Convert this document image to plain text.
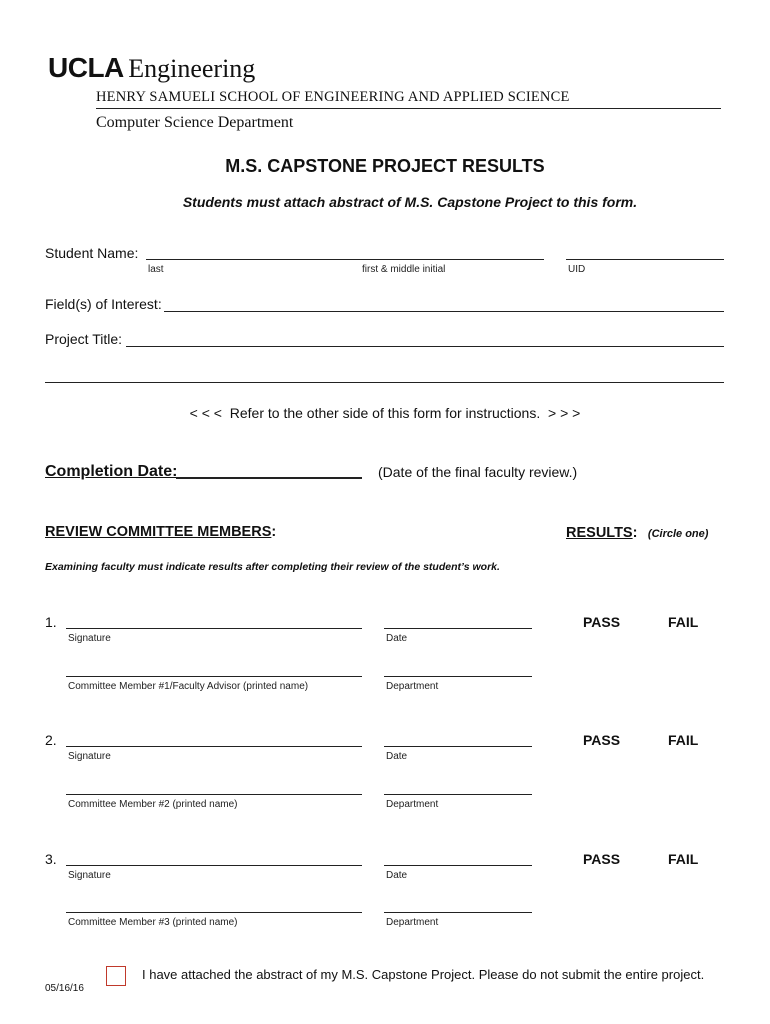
UCLA Engineering
HENRY SAMUELI SCHOOL OF ENGINEERING AND APPLIED SCIENCE
Computer Science Department
M.S. CAPSTONE PROJECT RESULTS
Students must attach abstract of M.S. Capstone Project to this form.
Student Name:
last	first & middle initial	UID
Field(s) of Interest:
Project Title:
< < <  Refer to the other side of this form for instructions.  > > >
Completion Date:	(Date of the final faculty review.)
REVIEW COMMITTEE MEMBERS:	RESULTS: (Circle one)
Examining faculty must indicate results after completing their review of the student’s work.
1.	PASS	FAIL
Signature	Date
Committee Member #1/Faculty Advisor (printed name)	Department
2.	PASS	FAIL
Signature	Date
Committee Member #2 (printed name)	Department
3.	PASS	FAIL
Signature	Date
Committee Member #3 (printed name)	Department
I have attached the abstract of my M.S. Capstone Project. Please do not submit the entire project.
05/16/16
